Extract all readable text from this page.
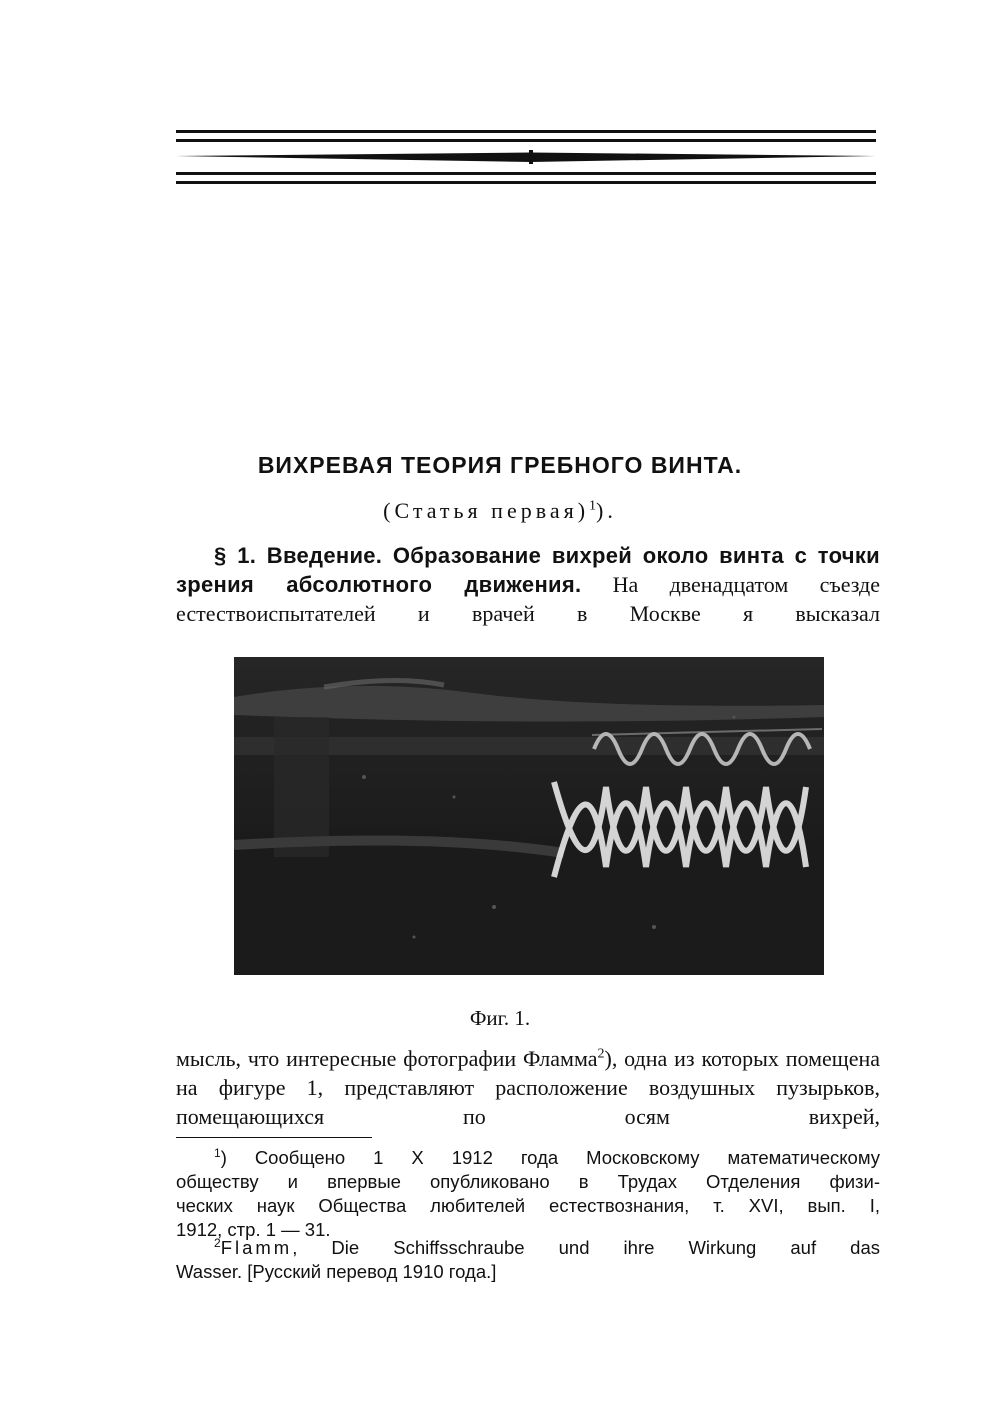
ВИХРЕВАЯ ТЕОРИЯ ГРЕБНОГО ВИНТА.

(Статья первая)$^1$).

§ 1. Введение. Образование вихрей около винта с точки зрения абсолютного движения. На двенадцатом съезде естествоиспытателей и врачей в Москве я высказал

Фиг. 1.

мысль, что интересные фотографии Фламма$^2$), одна из которых помещена на фигуре 1, представляют расположение воздушных пузырьков, помещающихся по осям вихрей,

$^1$) Сообщено 1 X 1912 года Московскому математическому
обществу и впервые опубликовано в Трудах Отделения физи-
ческих наук Общества любителей естествознания, т. XVI, вып. I,
1912, стр. 1 — 31.

$^2$Flamm, Die Schiffsschraube und ihre Wirkung auf das
Wasser. [Русский перевод 1910 года.]
